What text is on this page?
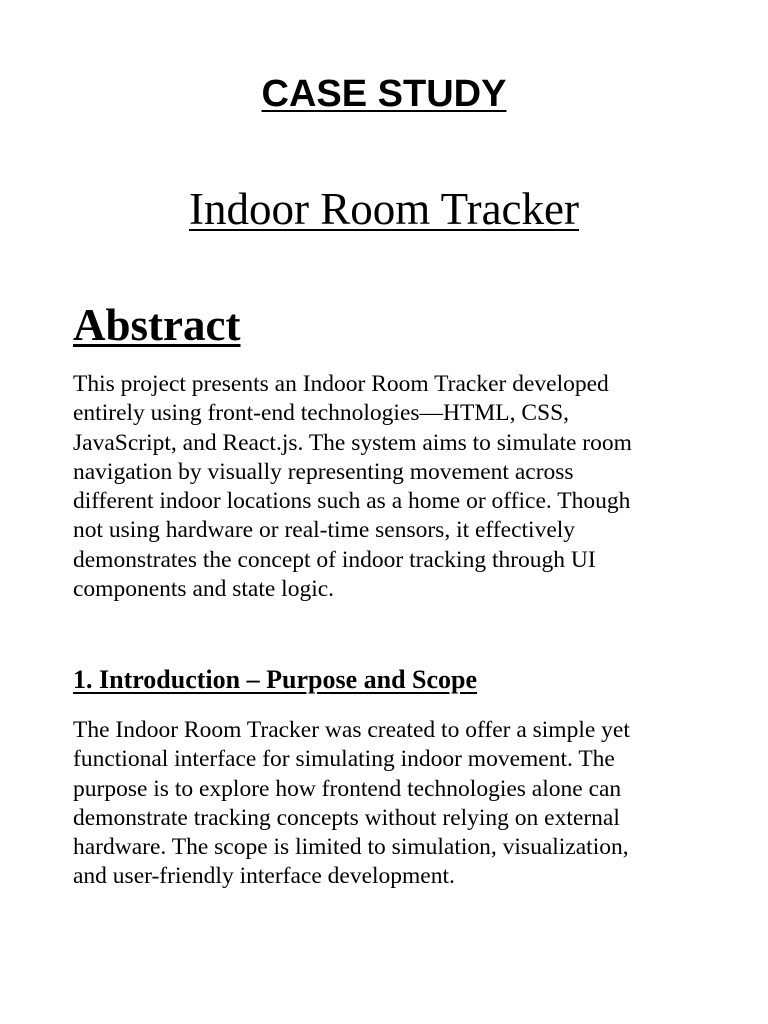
CASE STUDY
Indoor Room Tracker
Abstract

This project presents an Indoor Room Tracker developed
entirely using front-end technologies—HTML, CSS,
JavaScript, and React.js. The system aims to simulate room
navigation by visually representing movement across
different indoor locations such as a home or office. Though
not using hardware or real-time sensors, it effectively
demonstrates the concept of indoor tracking through UI
components and state logic.

1. Introduction – Purpose and Scope

The Indoor Room Tracker was created to offer a simple yet
functional interface for simulating indoor movement. The
purpose is to explore how frontend technologies alone can
demonstrate tracking concepts without relying on external
hardware. The scope is limited to simulation, visualization,
and user-friendly interface development.
